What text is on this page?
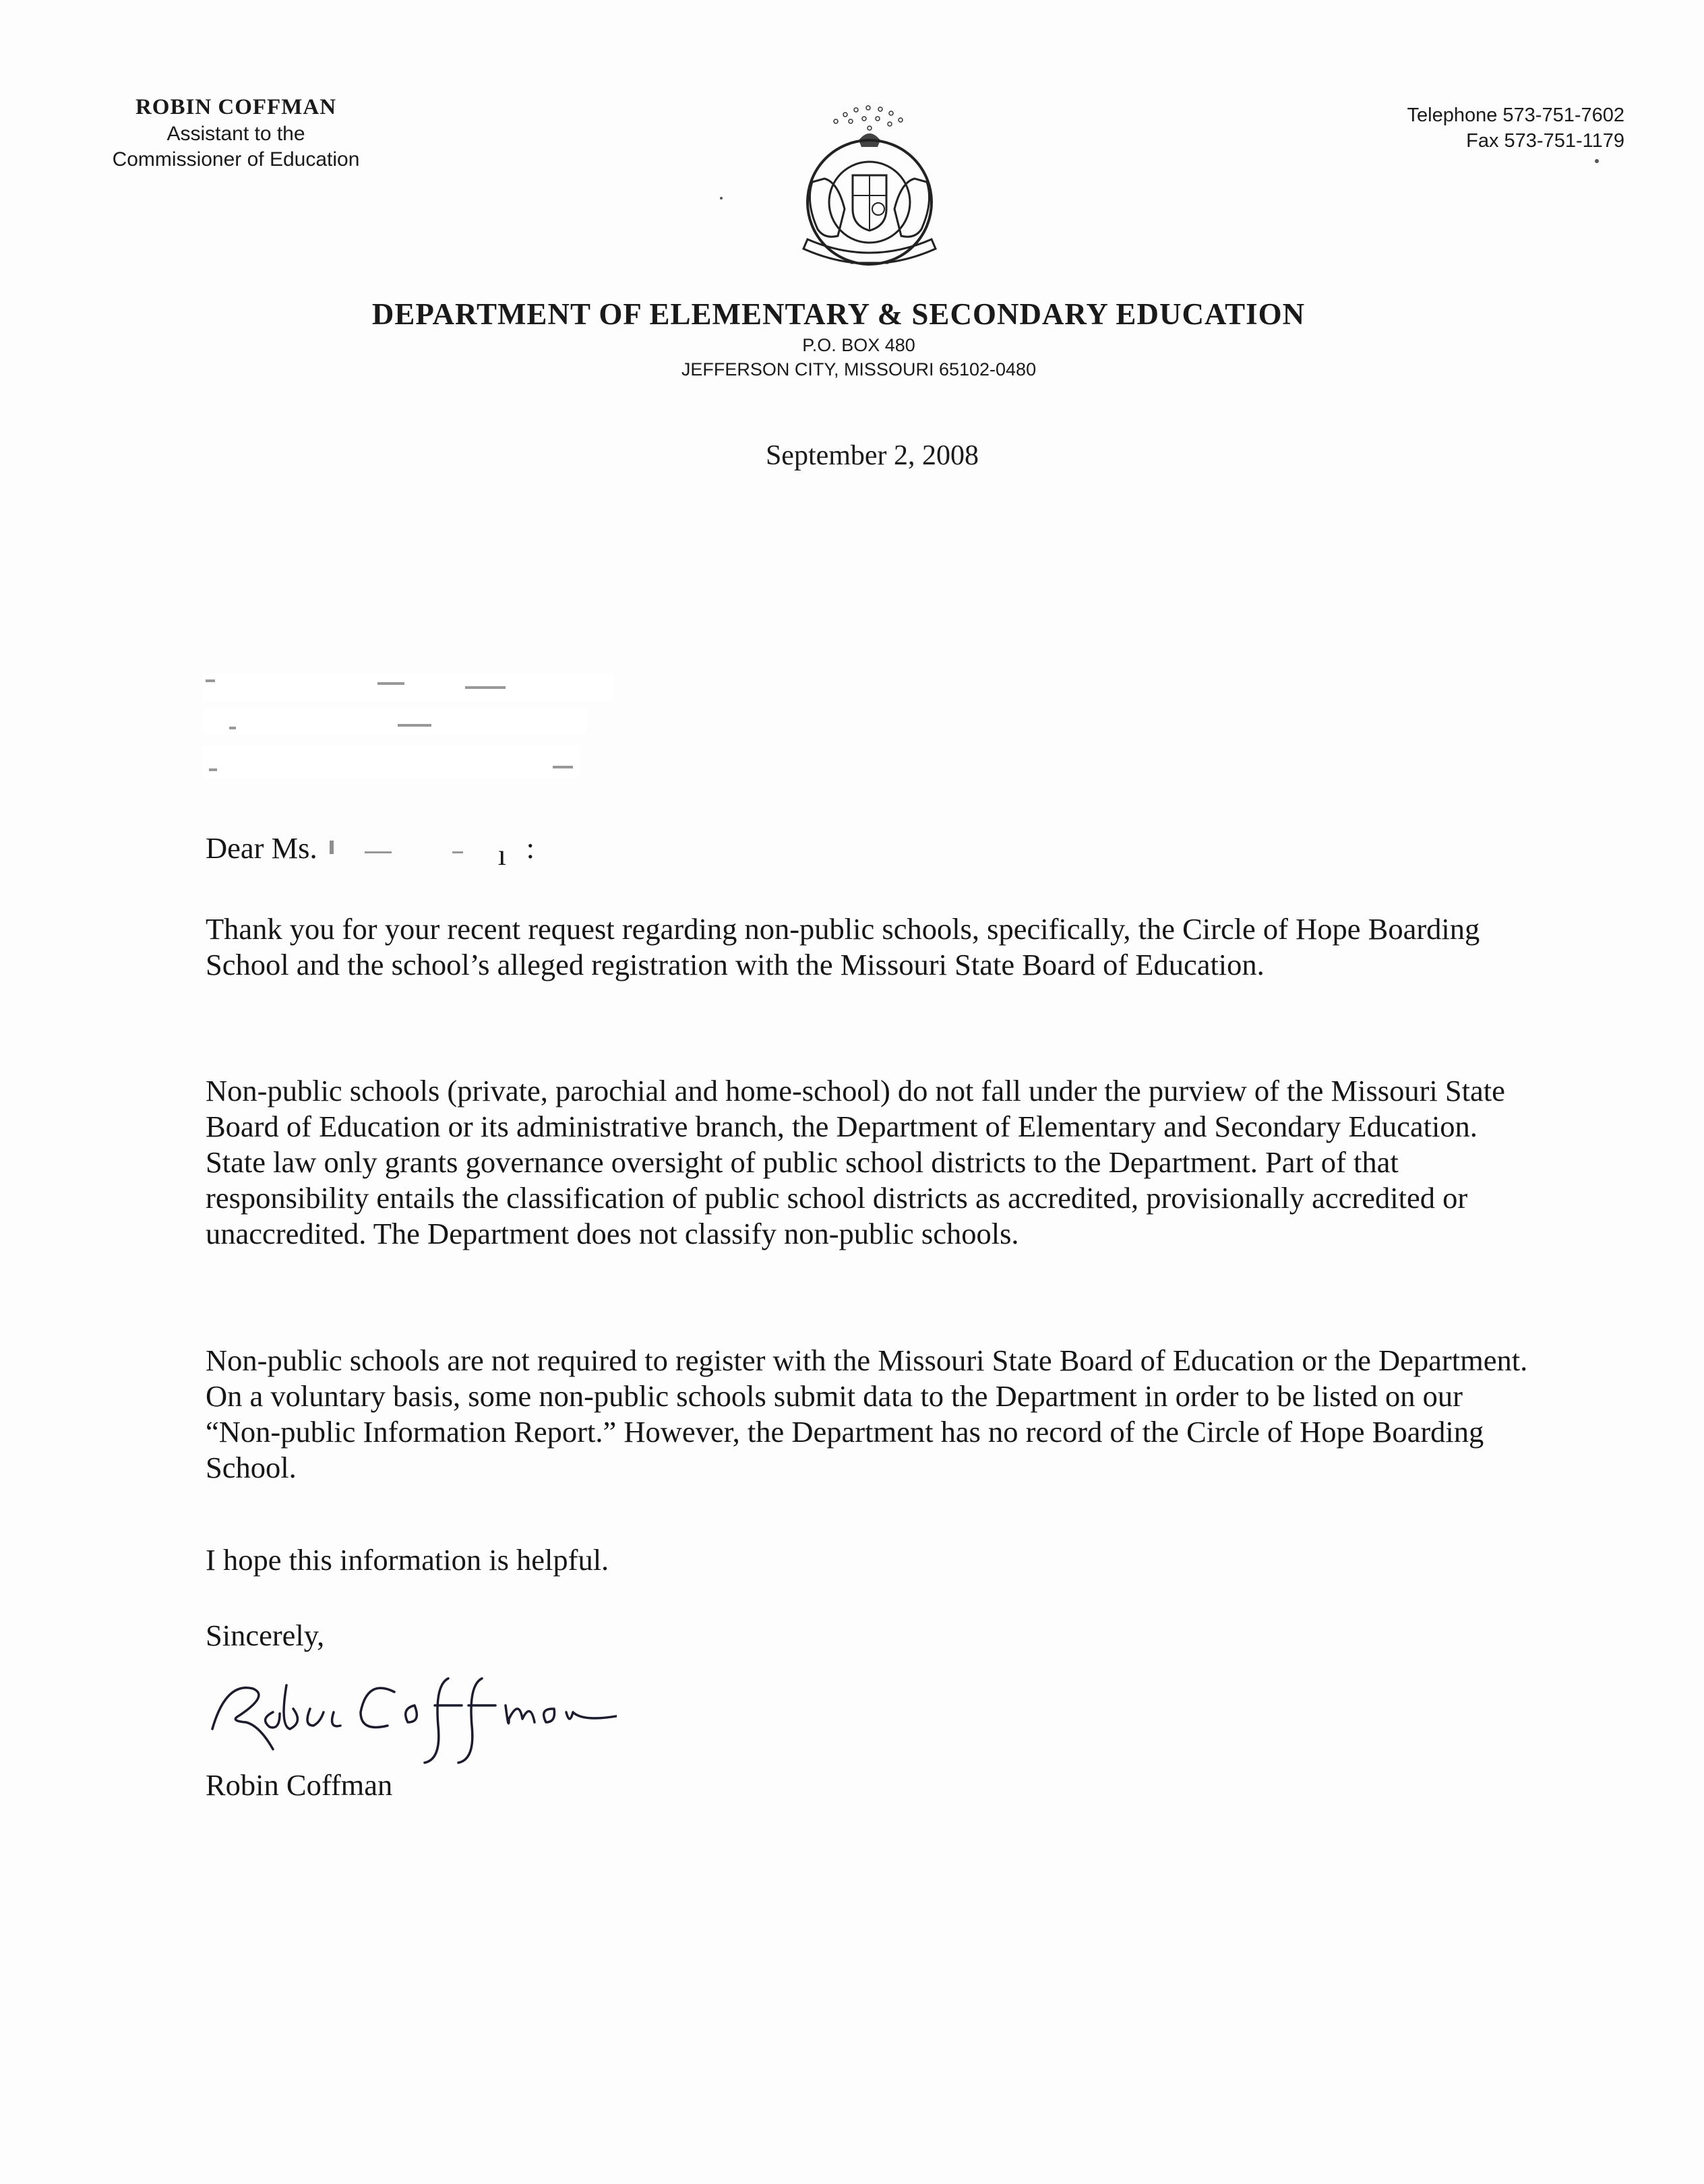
ROBIN COFFMAN
Assistant to the
Commissioner of Education
Telephone 573-751-7602
Fax 573-751-1179
DEPARTMENT OF ELEMENTARY & SECONDARY EDUCATION
P.O. BOX 480
JEFFERSON CITY, MISSOURI 65102-0480
September 2, 2008
Dear Ms.	ı :
Thank you for your recent request regarding non-public schools, specifically, the Circle of Hope Boarding School and the school’s alleged registration with the Missouri State Board of Education.
Non-public schools (private, parochial and home-school) do not fall under the purview of the Missouri State Board of Education or its administrative branch, the Department of Elementary and Secondary Education. State law only grants governance oversight of public school districts to the Department. Part of that responsibility entails the classification of public school districts as accredited, provisionally accredited or unaccredited. The Department does not classify non-public schools.
Non-public schools are not required to register with the Missouri State Board of Education or the Department. On a voluntary basis, some non-public schools submit data to the Department in order to be listed on our “Non-public Information Report.” However, the Department has no record of the Circle of Hope Boarding School.
I hope this information is helpful.
Sincerely,
Robin Coffman
